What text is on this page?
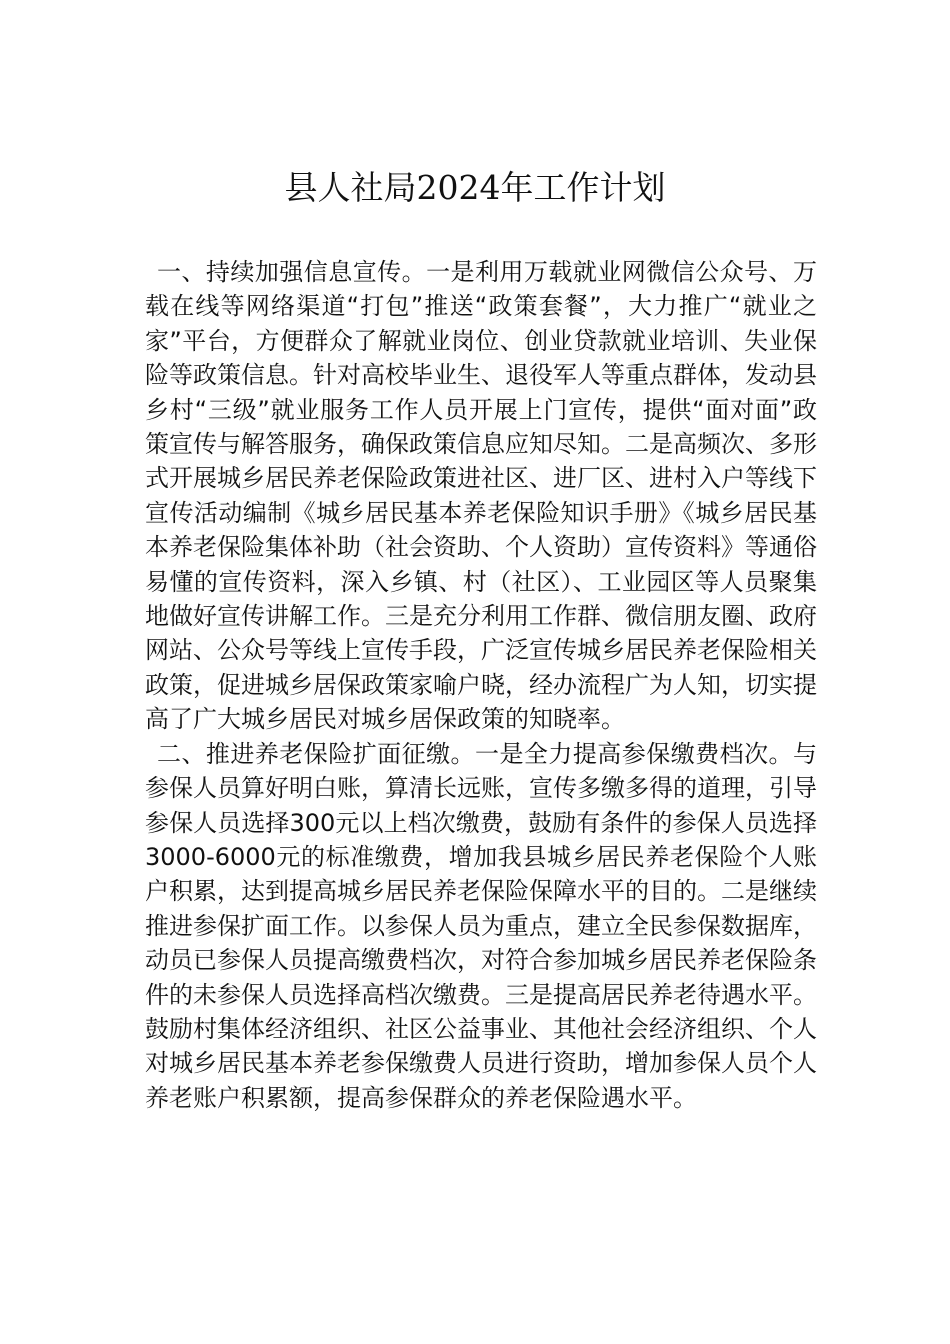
县人社局2024年工作计划

一、持续加强信息宣传。一是利用万载就业网微信公众号、万载在线等网络渠道“打包”推送“政策套餐”，大力推广“就业之家”平台，方便群众了解就业岗位、创业贷款就业培训、失业保险等政策信息。针对高校毕业生、退役军人等重点群体，发动县乡村“三级”就业服务工作人员开展上门宣传，提供“面对面”政策宣传与解答服务，确保政策信息应知尽知。二是高频次、多形式开展城乡居民养老保险政策进社区、进厂区、进村入户等线下宣传活动编制《城乡居民基本养老保险知识手册》《城乡居民基本养老保险集体补助（社会资助、个人资助）宣传资料》等通俗易懂的宣传资料，深入乡镇、村（社区）、工业园区等人员聚集地做好宣传讲解工作。三是充分利用工作群、微信朋友圈、政府网站、公众号等线上宣传手段，广泛宣传城乡居民养老保险相关政策，促进城乡居保政策家喻户晓，经办流程广为人知，切实提高了广大城乡居民对城乡居保政策的知晓率。

二、推进养老保险扩面征缴。一是全力提高参保缴费档次。与参保人员算好明白账，算清长远账，宣传多缴多得的道理，引导参保人员选择300元以上档次缴费，鼓励有条件的参保人员选择3000-6000元的标准缴费，增加我县城乡居民养老保险个人账户积累，达到提高城乡居民养老保险保障水平的目的。二是继续推进参保扩面工作。以参保人员为重点，建立全民参保数据库，动员已参保人员提高缴费档次，对符合参加城乡居民养老保险条件的未参保人员选择高档次缴费。三是提高居民养老待遇水平。鼓励村集体经济组织、社区公益事业、其他社会经济组织、个人对城乡居民基本养老参保缴费人员进行资助，增加参保人员个人养老账户积累额，提高参保群众的养老保险遇水平。
